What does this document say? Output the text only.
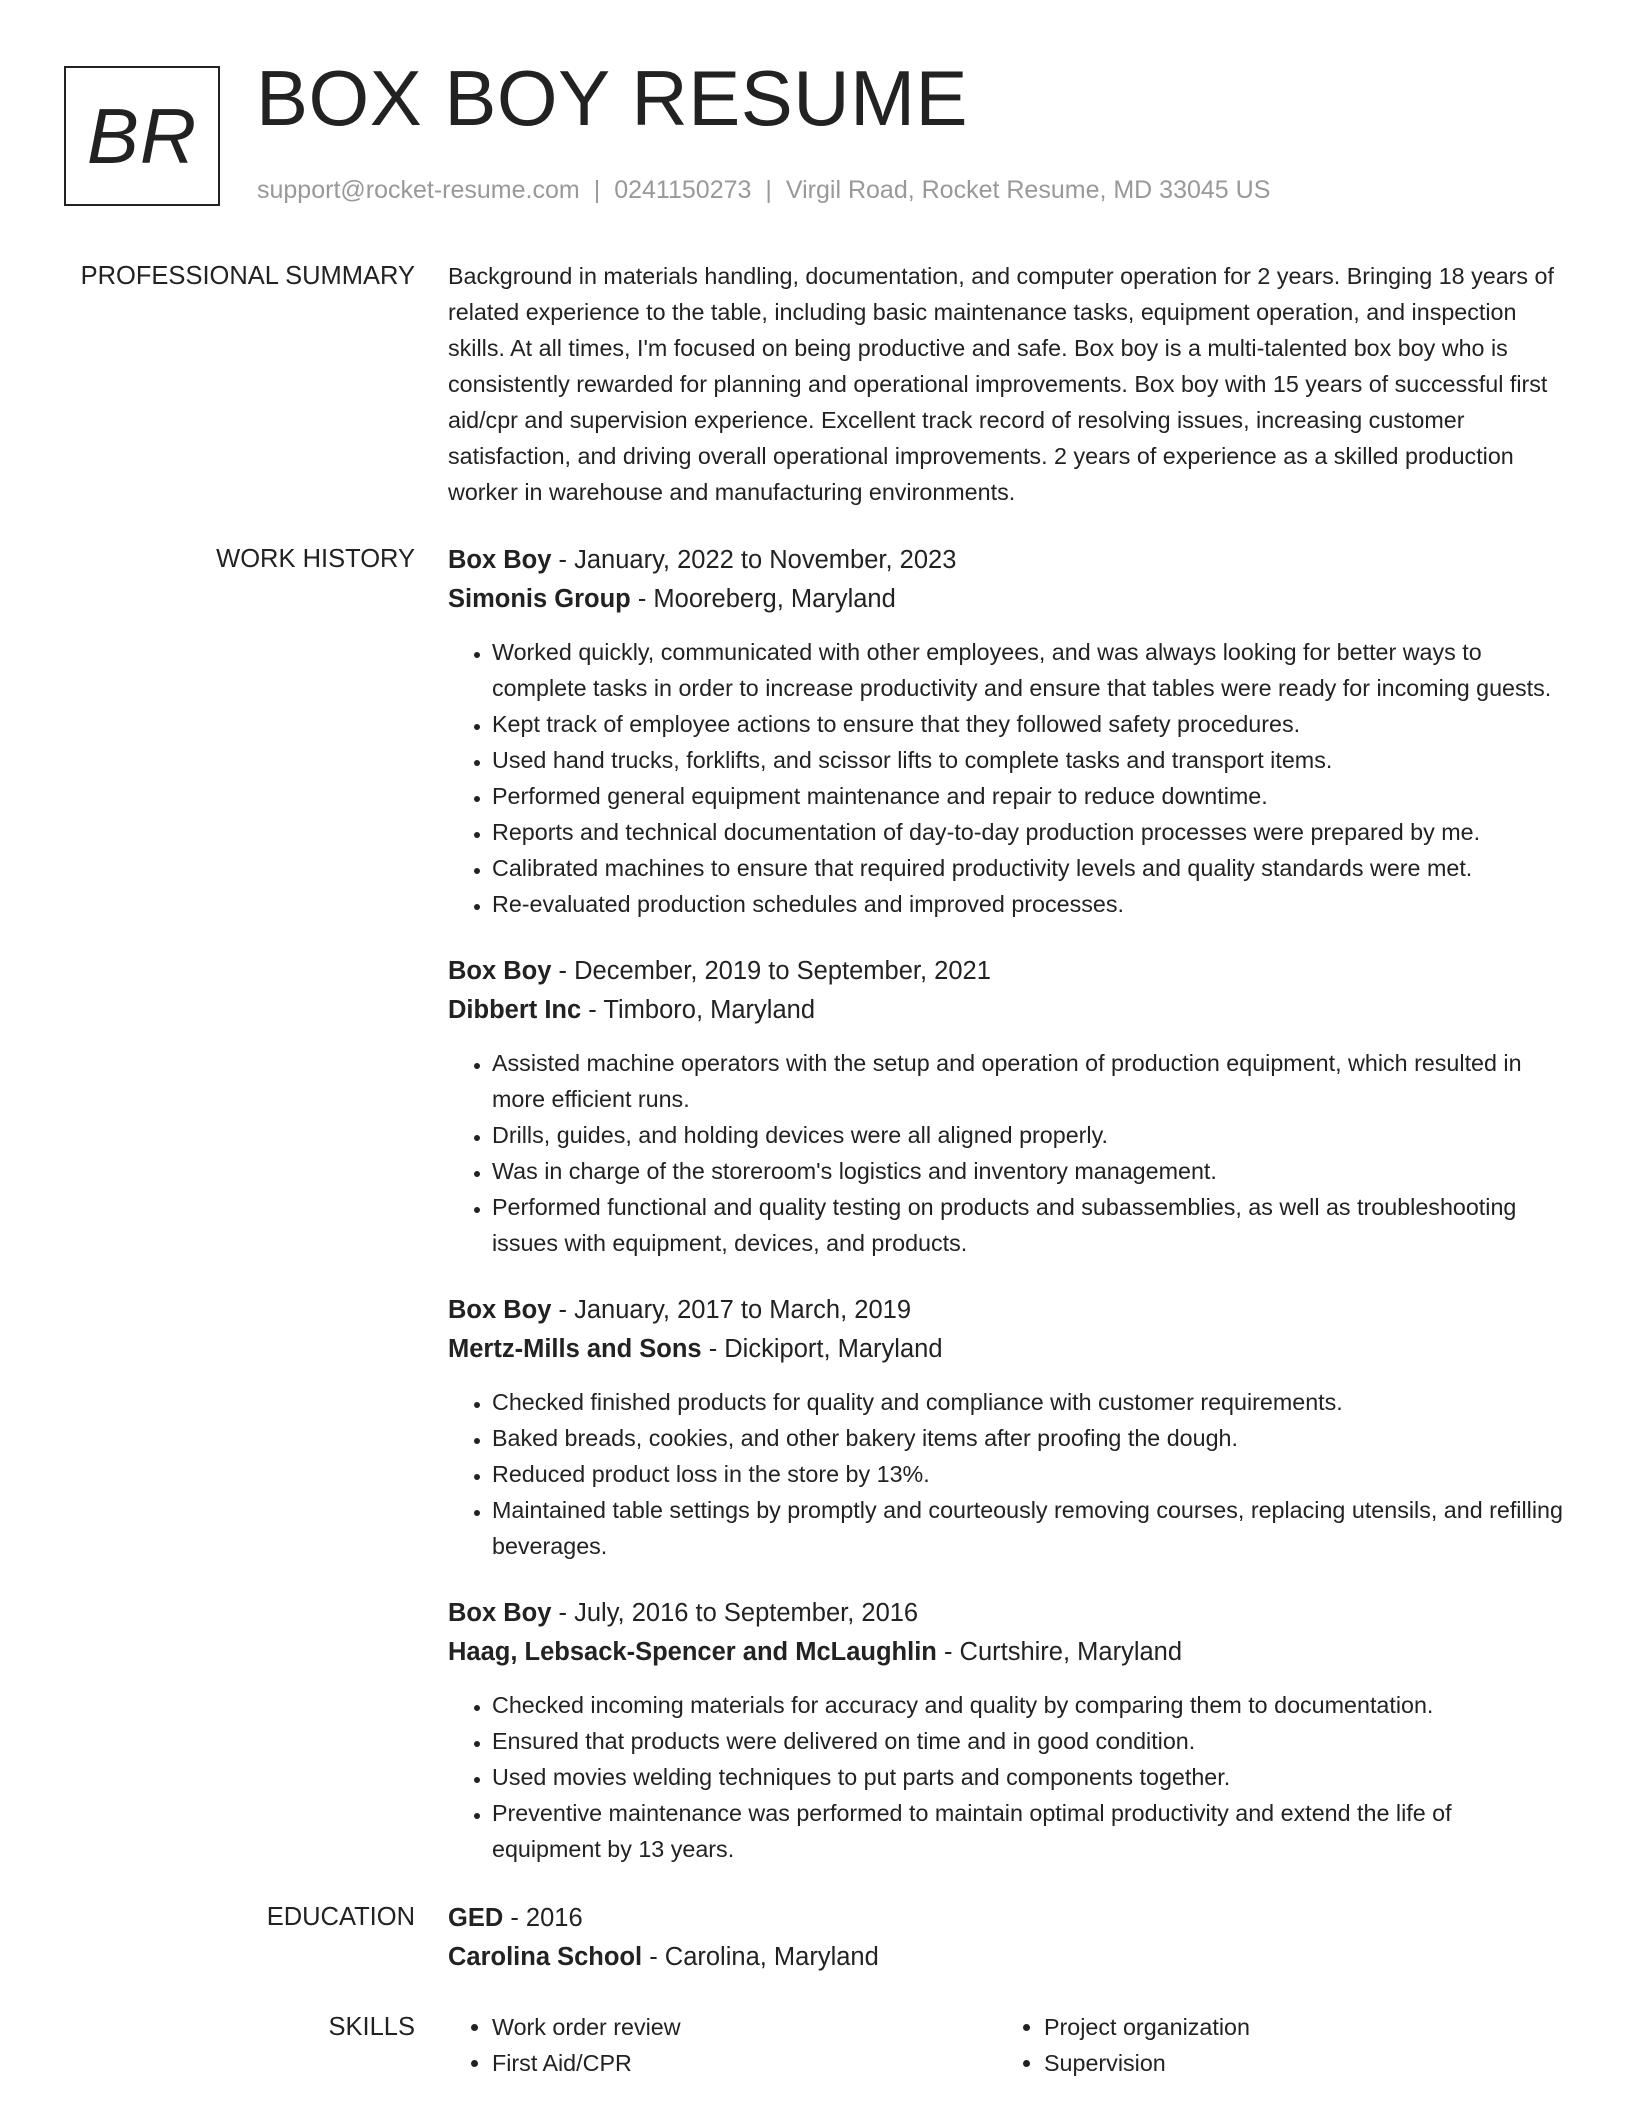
BR BOX BOY RESUME
support@rocket-resume.com | 0241150273 | Virgil Road, Rocket Resume, MD 33045 US
PROFESSIONAL SUMMARY Background in materials handling, documentation, and computer operation for 2 years. Bringing 18 years of related experience to the table, including basic maintenance tasks, equipment operation, and inspection skills. At all times, I'm focused on being productive and safe. Box boy is a multi-talented box boy who is consistently rewarded for planning and operational improvements. Box boy with 15 years of successful first aid/cpr and supervision experience. Excellent track record of resolving issues, increasing customer satisfaction, and driving overall operational improvements. 2 years of experience as a skilled production worker in warehouse and manufacturing environments.

WORK HISTORY Box Boy - January, 2022 to November, 2023
Simonis Group - Mooreberg, Maryland
• Worked quickly, communicated with other employees, and was always looking for better ways to complete tasks in order to increase productivity and ensure that tables were ready for incoming guests.
• Kept track of employee actions to ensure that they followed safety procedures.
• Used hand trucks, forklifts, and scissor lifts to complete tasks and transport items.
• Performed general equipment maintenance and repair to reduce downtime.
• Reports and technical documentation of day-to-day production processes were prepared by me.
• Calibrated machines to ensure that required productivity levels and quality standards were met.
• Re-evaluated production schedules and improved processes.
Box Boy - December, 2019 to September, 2021
Dibbert Inc - Timboro, Maryland
• Assisted machine operators with the setup and operation of production equipment, which resulted in more efficient runs.
• Drills, guides, and holding devices were all aligned properly.
• Was in charge of the storeroom's logistics and inventory management.
• Performed functional and quality testing on products and subassemblies, as well as troubleshooting issues with equipment, devices, and products.
Box Boy - January, 2017 to March, 2019
Mertz-Mills and Sons - Dickiport, Maryland
• Checked finished products for quality and compliance with customer requirements.
• Baked breads, cookies, and other bakery items after proofing the dough.
• Reduced product loss in the store by 13%.
• Maintained table settings by promptly and courteously removing courses, replacing utensils, and refilling beverages.
Box Boy - July, 2016 to September, 2016
Haag, Lebsack-Spencer and McLaughlin - Curtshire, Maryland
• Checked incoming materials for accuracy and quality by comparing them to documentation.
• Ensured that products were delivered on time and in good condition.
• Used movies welding techniques to put parts and components together.
• Preventive maintenance was performed to maintain optimal productivity and extend the life of equipment by 13 years.
EDUCATION GED - 2016
Carolina School - Carolina, Maryland
SKILLS
•	Work order review
• First Aid/CPR
• Project organization
• Supervision
